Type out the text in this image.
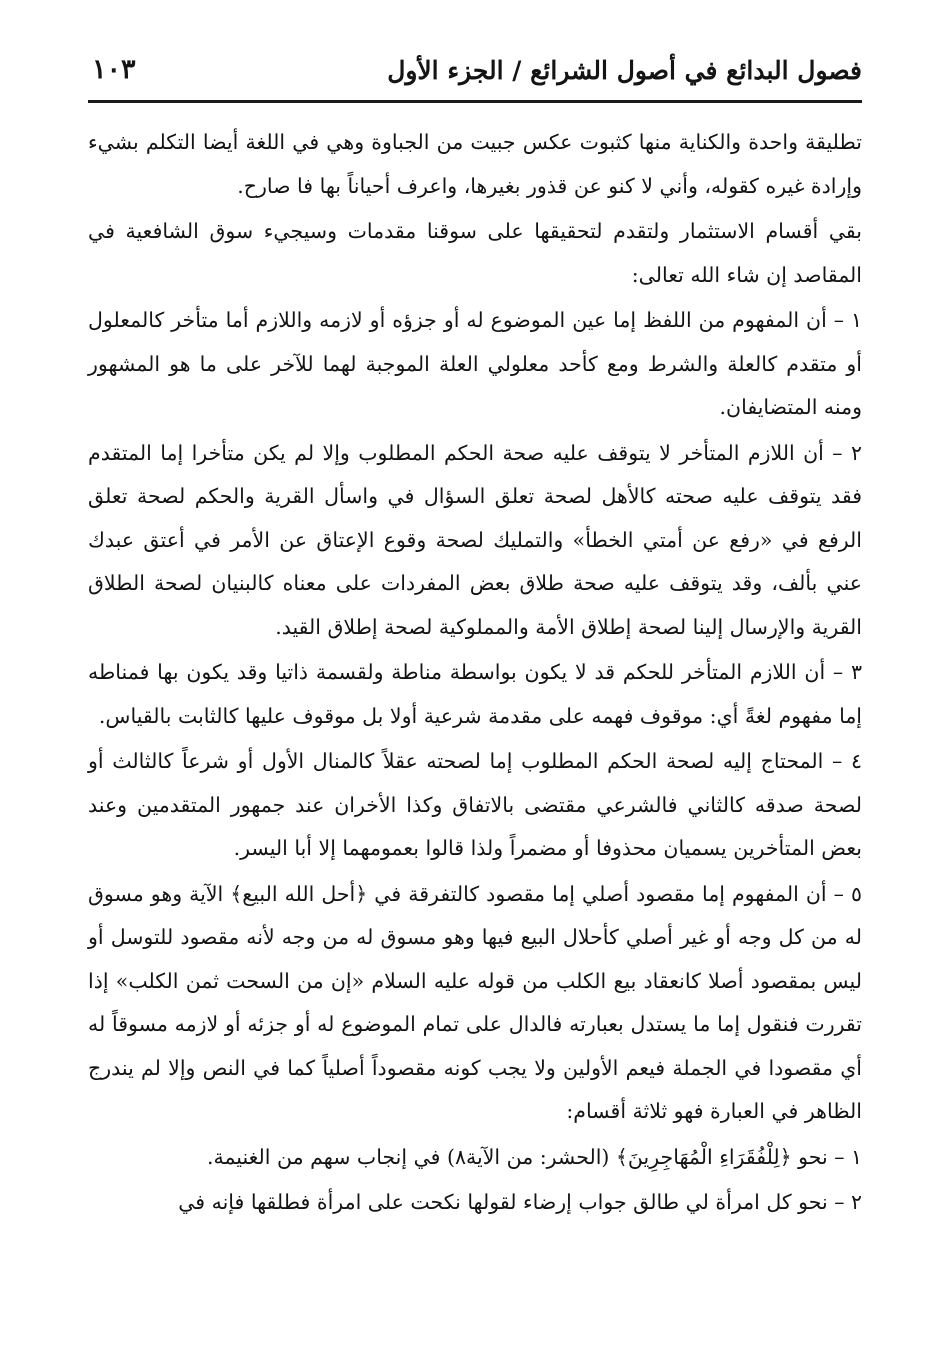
فصول البدائع في أصول الشرائع / الجزء الأول
١٠٣

تطليقة واحدة والكناية منها كثبوت عكس جبيت من الجباوة وهي في اللغة أيضا التكلم بشيء وإرادة غيره كقوله، وأني لا كنو عن قذور بغيرها، واعرف أحياناً بها فا صارح.

بقي أقسام الاستثمار ولتقدم لتحقيقها على سوقنا مقدمات وسيجيء سوق الشافعية في المقاصد إن شاء الله تعالى:

١ – أن المفهوم من اللفظ إما عين الموضوع له أو جزؤه أو لازمه واللازم أما متأخر كالمعلول أو متقدم كالعلة والشرط ومع كأحد معلولي العلة الموجبة لهما للآخر على ما هو المشهور ومنه المتضايفان.

٢ – أن اللازم المتأخر لا يتوقف عليه صحة الحكم المطلوب وإلا لم يكن متأخرا إما المتقدم فقد يتوقف عليه صحته كالأهل لصحة تعلق السؤال في واسأل القرية والحكم لصحة تعلق الرفع في «رفع عن أمتي الخطأ» والتمليك لصحة وقوع الإعتاق عن الأمر في أعتق عبدك عني بألف، وقد يتوقف عليه صحة طلاق بعض المفردات على معناه كالبنيان لصحة الطلاق القرية والإرسال إلينا لصحة إطلاق الأمة والمملوكية لصحة إطلاق القيد.

٣ – أن اللازم المتأخر للحكم قد لا يكون بواسطة مناطة ولقسمة ذاتيا وقد يكون بها فمناطه إما مفهوم لغةً أي: موقوف فهمه على مقدمة شرعية أولا بل موقوف عليها كالثابت بالقياس.

٤ – المحتاج إليه لصحة الحكم المطلوب إما لصحته عقلاً كالمنال الأول أو شرعاً كالثالث أو لصحة صدقه كالثاني فالشرعي مقتضى بالاتفاق وكذا الأخران عند جمهور المتقدمين وعند بعض المتأخرين يسميان محذوفا أو مضمراً ولذا قالوا بعمومهما إلا أبا اليسر.

٥ – أن المفهوم إما مقصود أصلي إما مقصود كالتفرقة في ﴿أحل الله البيع﴾ الآية وهو مسوق له من كل وجه أو غير أصلي كأحلال البيع فيها وهو مسوق له من وجه لأنه مقصود للتوسل أو ليس بمقصود أصلا كانعقاد بيع الكلب من قوله عليه السلام «إن من السحت ثمن الكلب» إذا تقررت فنقول إما ما يستدل بعبارته فالدال على تمام الموضوع له أو جزئه أو لازمه مسوقاً له أي مقصودا في الجملة فيعم الأولين ولا يجب كونه مقصوداً أصلياً كما في النص وإلا لم يندرج الظاهر في العبارة فهو ثلاثة أقسام:

١ – نحو ﴿لِلْفُقَرَاءِ الْمُهَاجِرِينَ﴾ (الحشر: من الآية٨) في إنجاب سهم من الغنيمة.

٢ – نحو كل امرأة لي طالق جواب إرضاء لقولها نكحت على امرأة فطلقها فإنه في
